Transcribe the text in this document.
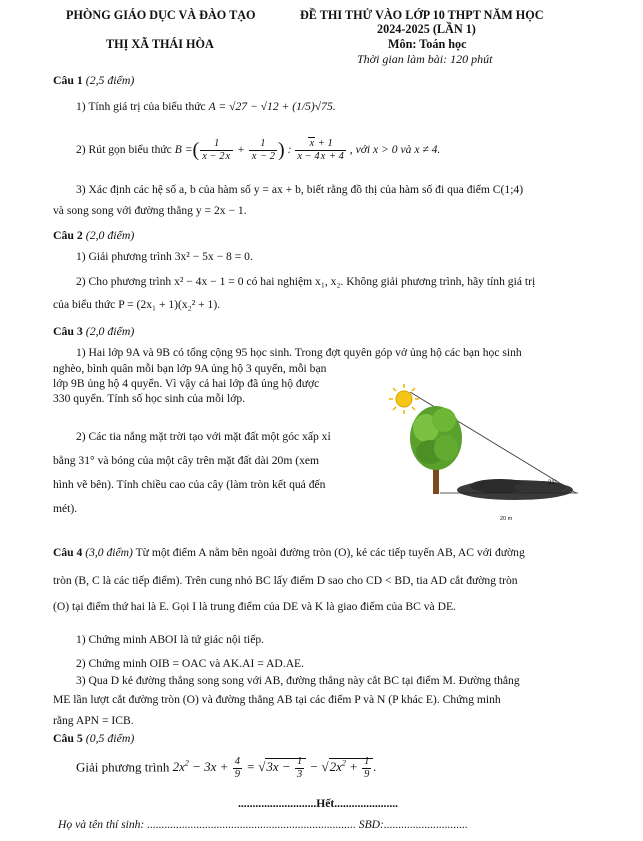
PHÒNG GIÁO DỤC VÀ ĐÀO TẠO
THỊ XÃ THÁI HÒA
ĐỀ THI THỬ VÀO LỚP 10 THPT NĂM HỌC
2024-2025 (LẦN 1)
Môn: Toán học
Thời gian làm bài: 120 phút
Câu 1 (2,5 điểm)
1) Tính giá trị của biểu thức A = √27 − √12 + (1/5)√75.
2) Rút gọn biểu thức B =( $\frac{1}{x - 2x} + \frac{1}{x - 2}$ ) : $\frac{x + 1}{x - 4x + 4}$ , với x > 0 và x ≠ 4.
3) Xác định các hệ số a, b của hàm số y = ax + b, biết rằng đồ thị của hàm số đi qua điểm C(1;4)
và song song với đường thẳng y = 2x − 1.
Câu 2 (2,0 điểm)
1) Giải phương trình 3x² − 5x − 8 = 0.
2) Cho phương trình x² − 4x − 1 = 0 có hai nghiệm x₁, x₂. Không giải phương trình, hãy tính giá trị
của biểu thức P = (2x₁ + 1)(x₂² + 1).
Câu 3 (2,0 điểm)
1) Hai lớp 9A và 9B có tổng cộng 95 học sinh. Trong đợt quyên góp vở ủng hộ các bạn học sinh
nghèo, bình quân mỗi bạn lớp 9A ủng hộ 3 quyển, mỗi bạn
lớp 9B ủng hộ 4 quyển. Vì vậy cả hai lớp đã ủng hộ được
330 quyển. Tính số học sinh của mỗi lớp.
2) Các tia nắng mặt trời tạo với mặt đất một góc xấp xỉ
bằng 31° và bóng của một cây trên mặt đất dài 20m (xem
hình vẽ bên). Tính chiều cao của cây (làm tròn kết quả đến
mét).
31°
20 m
Câu 4 (3,0 điểm) Từ một điểm A nằm bên ngoài đường tròn (O), kẻ các tiếp tuyến AB, AC với đường
tròn (B, C là các tiếp điểm). Trên cung nhỏ BC lấy điểm D sao cho CD < BD, tia AD cắt đường tròn
(O) tại điểm thứ hai là E. Gọi I là trung điểm của DE và K là giao điểm của BC và DE.
1) Chứng minh ABOI là tứ giác nội tiếp.
2) Chứng minh OIB = OAC và AK.AI = AD.AE.
3) Qua D kẻ đường thẳng song song với AB, đường thẳng này cắt BC tại điểm M. Đường thẳng
ME lần lượt cắt đường tròn (O) và đường thẳng AB tại các điểm P và N (P khác E). Chứng minh
rằng APN = ICB.
Câu 5 (0,5 điểm)
Giải phương trình $2x^2 - 3x + \frac{4}{9} = √3x - \frac{1}{3} - √2x^2 + \frac{1}{9}$ .
...........................Hết......................
Họ và tên thí sinh: ........................................................................ SBD:.............................
